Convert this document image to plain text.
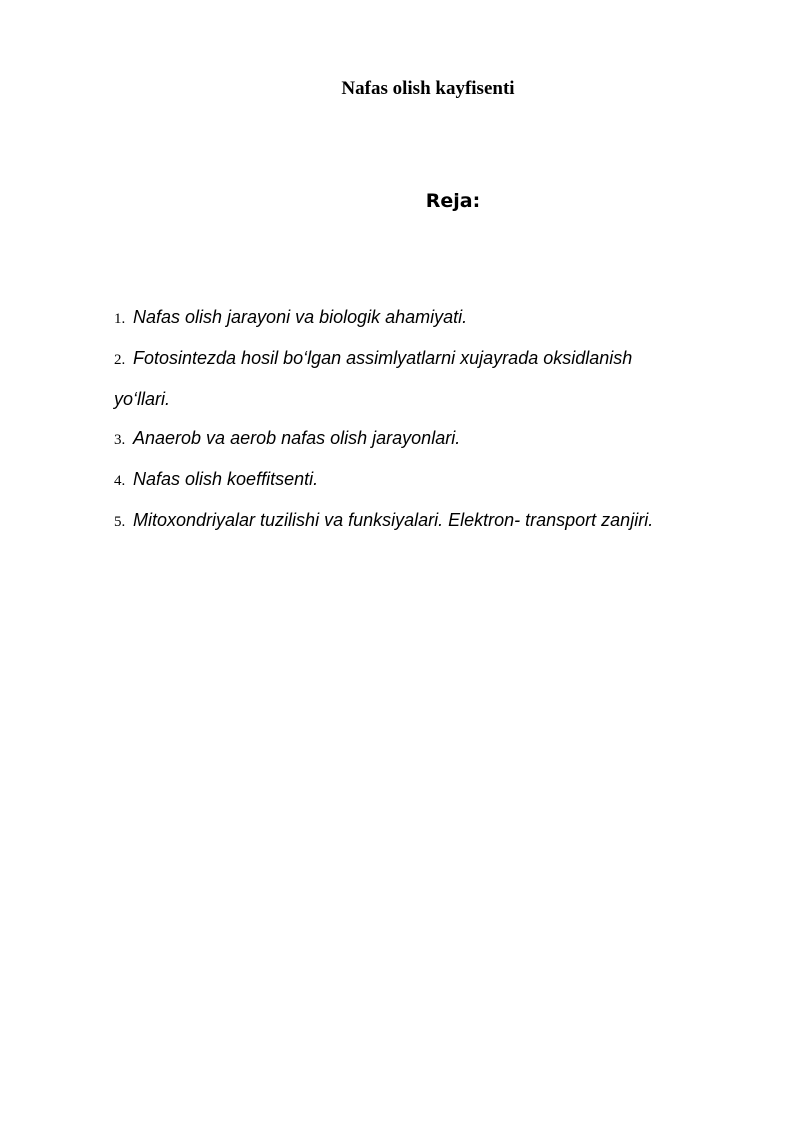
Nafas olish kayfisenti
Reja:
1. Nafas olish jarayoni va biologik ahamiyati.
2. Fotosintezda hosil bo‘lgan assimlyatlarni xujayrada oksidlanish
yo‘llari.
3. Anaerob va aerob nafas olish jarayonlari.
4. Nafas olish koeffitsenti.
5. Mitoxondriyalar tuzilishi va funksiyalari. Elektron- transport zanjiri.
